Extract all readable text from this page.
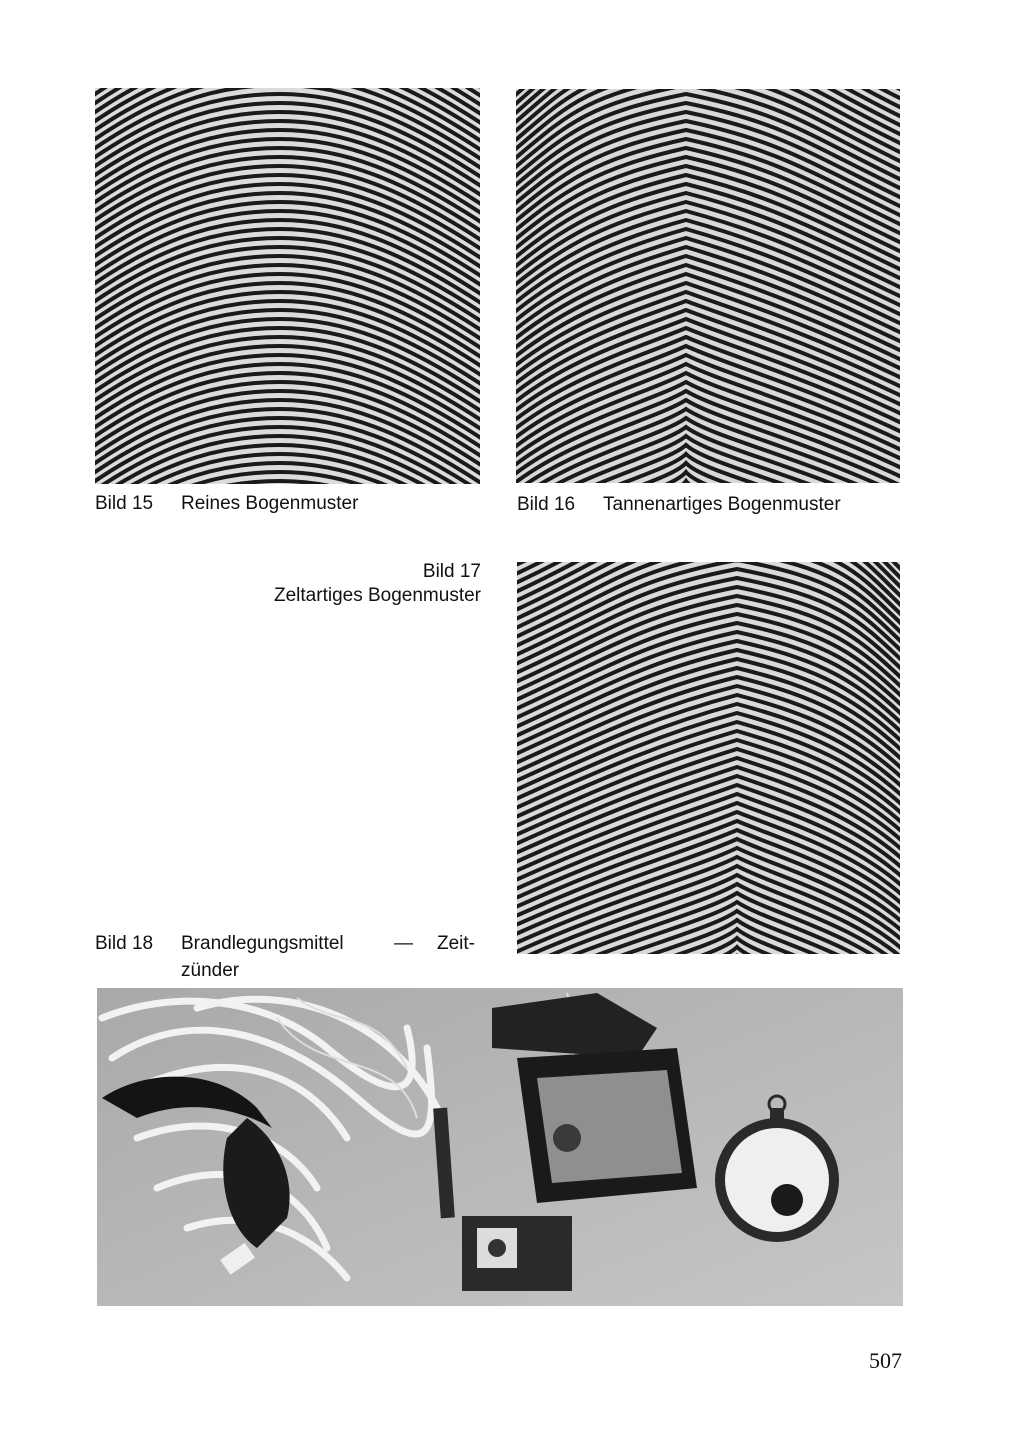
Bild 15 Reines Bogenmuster	Bild 16 Tannenartiges Bogenmuster
Bild 17
Zeltartiges Bogenmuster
Bild 18 Brandlegungsmittel	— Zeit-
zünder
507
